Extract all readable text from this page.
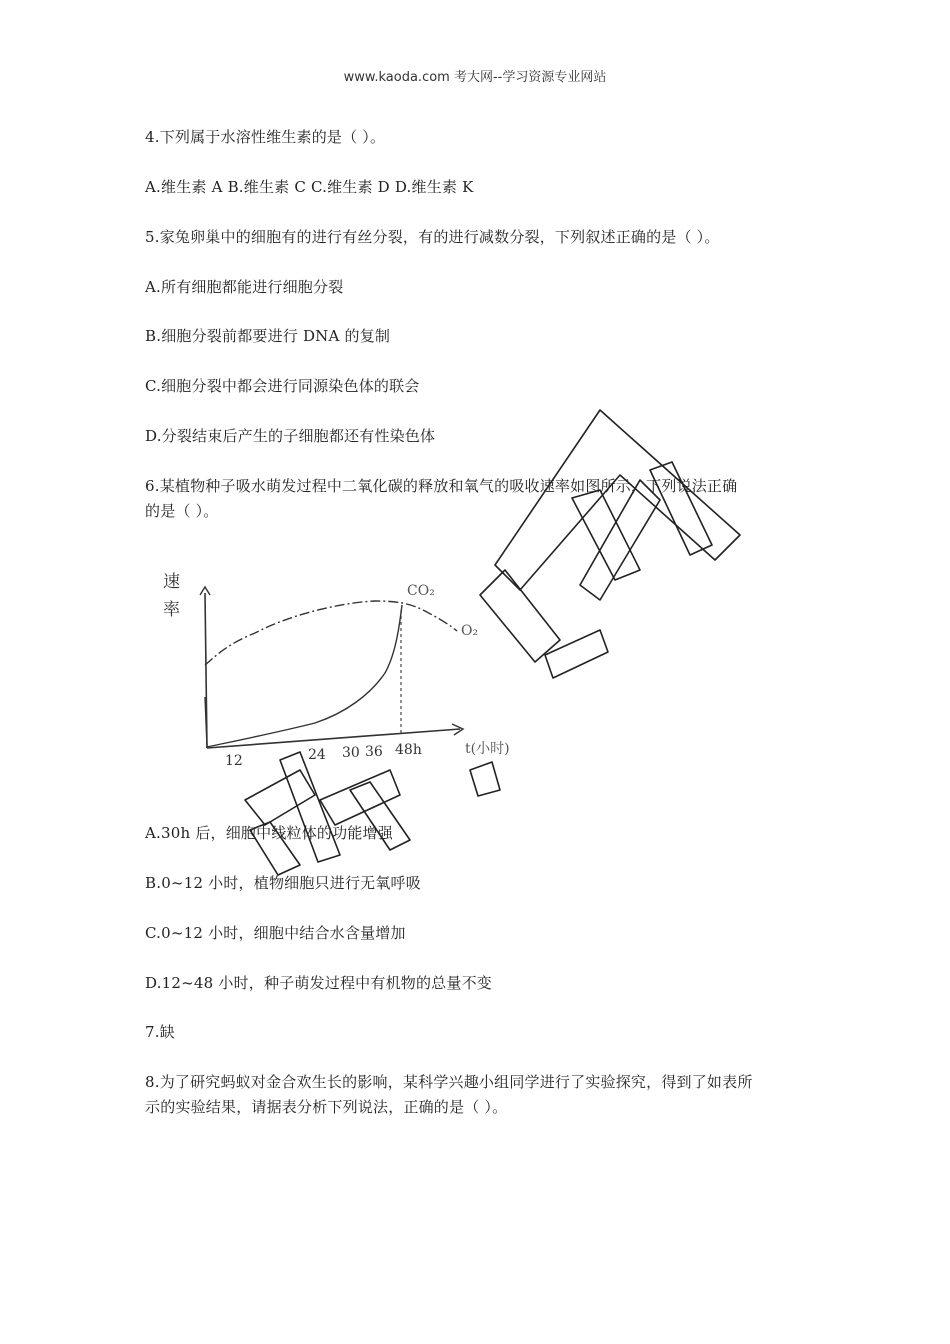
www.kaoda.com 考大网--学习资源专业网站
4.下列属于水溶性维生素的是（ ）。
A.维生素 A B.维生素 C C.维生素 D D.维生素 K
5.家兔卵巢中的细胞有的进行有丝分裂，有的进行减数分裂，下列叙述正确的是（ ）。
A.所有细胞都能进行细胞分裂
B.细胞分裂前都要进行 DNA 的复制
C.细胞分裂中都会进行同源染色体的联会
D.分裂结束后产生的子细胞都还有性染色体
6.某植物种子吸水萌发过程中二氧化碳的释放和氧气的吸收速率如图所示，下列说法正确
的是（ ）。
速
率
t(小时)
12	24 30 36 48h
CO₂
O₂
A.30h 后，细胞中线粒体的功能增强
B.0~12 小时，植物细胞只进行无氧呼吸
C.0~12 小时，细胞中结合水含量增加
D.12~48 小时，种子萌发过程中有机物的总量不变
7.缺
8.为了研究蚂蚁对金合欢生长的影响，某科学兴趣小组同学进行了实验探究，得到了如表所
示的实验结果，请据表分析下列说法，正确的是（ ）。
